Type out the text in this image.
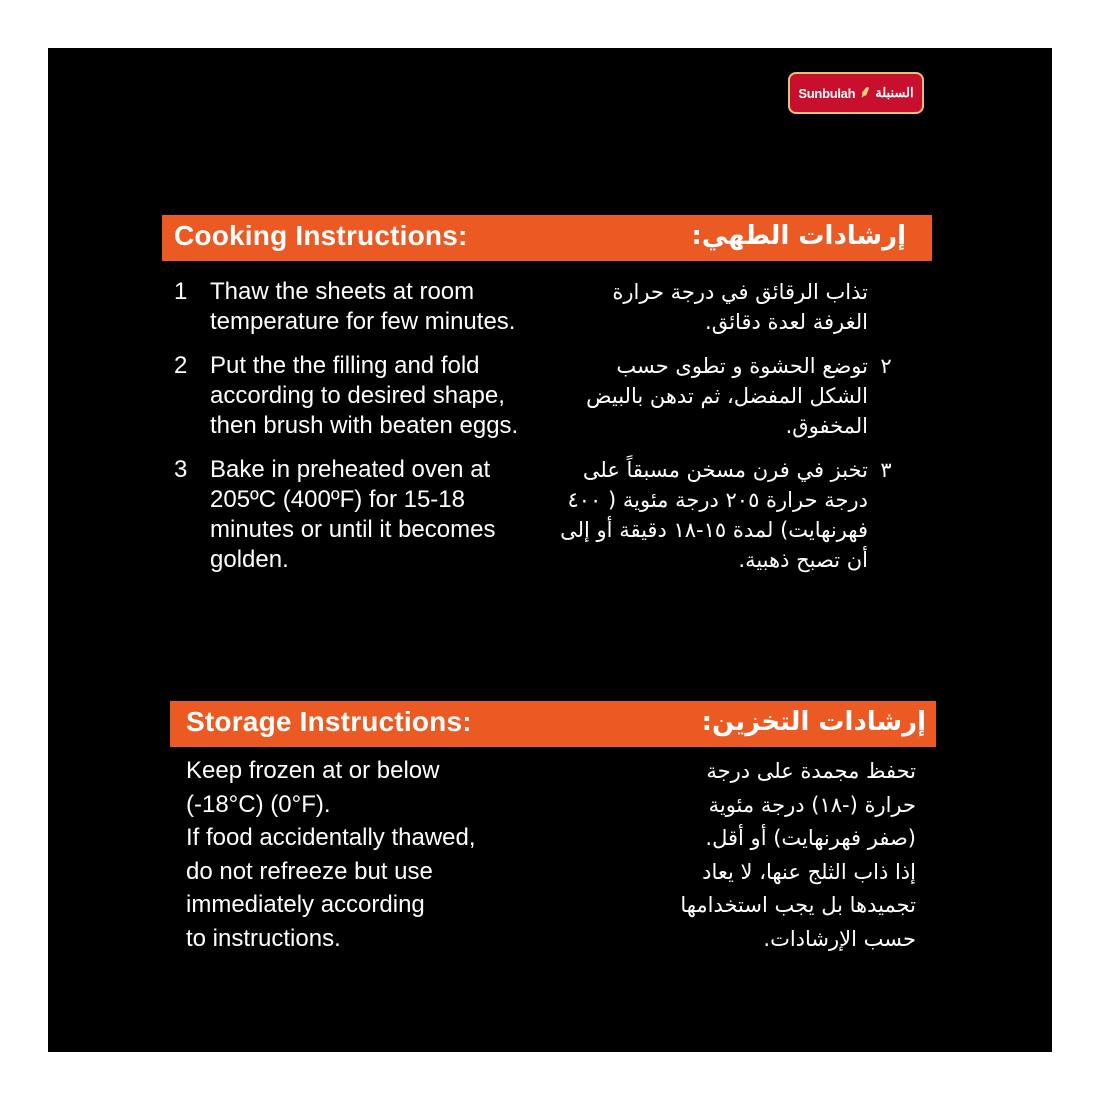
Sunbulah ⸙ السنبلة
Cooking Instructions:	إرشادات الطهي:
1 Thaw the sheets at room temperature for few minutes.
2 Put the the filling and fold according to desired shape, then brush with beaten eggs.
3 Bake in preheated oven at 205ºC (400ºF) for 15-18 minutes or until it becomes golden.
تذاب الرقائق في درجة حرارة الغرفة لعدة دقائق.
٢
توضع الحشوة و تطوى حسب الشكل المفضل، ثم تدهن بالبيض المخفوق.
٣
تخبز في فرن مسخن مسبقاً على درجة حرارة ٢٠٥ درجة مئوية ( ٤٠٠ فهرنهايت) لمدة ١٥-١٨ دقيقة أو إلى أن تصبح ذهبية.
Storage Instructions:	إرشادات التخزين:
Keep frozen at or below
(-18°C) (0°F).
If food accidentally thawed,
do not refreeze but use
immediately according
to instructions.
تحفظ مجمدة على درجة
حرارة (-١٨) درجة مئوية
(صفر فهرنهايت) أو أقل.
إذا ذاب الثلج عنها، لا يعاد
تجميدها بل يجب استخدامها
حسب الإرشادات.
